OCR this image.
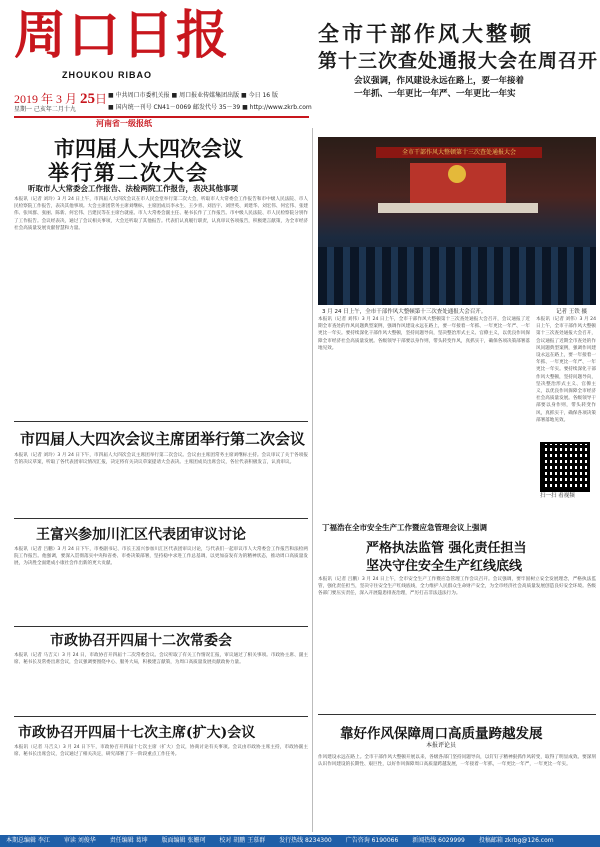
周口日报
ZHOUKOU RIBAO
2019 年 3 月 25日
星期一 己亥年二月十九
■ 中共周口市委机关报 ■ 周口报业传媒集团出版 ■ 今日 16 版
■ 国内统一刊号 CN41－0069 邮发代号 35－39 ■ http://www.zkrb.com
河南省一级报纸
全市干部作风大整顿
第十三次查处通报大会在周召开
会议强调，作风建设永远在路上，要一年接着
一年抓、一年更比一年严、一年更比一年实
全市干部作风大整顿第十三次查处通报大会
3 月 24 日上午，全市干部作风大整顿第十三次查处通报大会召开。	记者 王铁 摄
市四届人大四次会议
举行第二次大会
听取市人大常委会工作报告、法检两院工作报告，表决其他事项
本报讯（记者 刘玲）3 月 24 日上午，市四届人大四次会议在市人民会堂举行第二次大会，听取市人大常委会工作报告和市中级人民法院、市人民检察院工作报告，表决其他事项。大会主席团常务主席刘继标，主席团成员李永生、王少青、刘昌宇、刘世英、刘建华、刘宏伟、何宏伟、张建伟、张凤群、张丽、陈新、何宏伟、吕建民等在主席台就座。市人大常委会副主任、秘书长作了工作报告。市中级人民法院、市人民检察院分别作了工作报告。会议经表决，通过了会议相关事项，大会还听取了其他报告。代表们认真履行职责，认真审议各项报告，积极建言献策，为全市经济社会高质量发展贡献智慧和力量。
本报讯（记者 刘伟）3 月 24 日上午，全市干部作风大整顿第十三次查处通报大会召开，会议通报了近期全市查处的作风问题典型案例，强调作风建设永远在路上，要一年接着一年抓、一年更比一年严、一年更比一年实。要持续深化干部作风大整顿，坚持问题导向，坚决整治形式主义、官僚主义，以优良作风保障全市经济社会高质量发展。各级领导干部要以身作则，带头转变作风，真抓实干，确保各项决策部署落地见效。
本报讯（记者 刘伟）3 月 24 日上午，全市干部作风大整顿第十三次查处通报大会召开，会议通报了近期全市查处的作风问题典型案例，强调作风建设永远在路上，要一年接着一年抓、一年更比一年严、一年更比一年实。要持续深化干部作风大整顿，坚持问题导向，坚决整治形式主义、官僚主义，以优良作风保障全市经济社会高质量发展。各级领导干部要以身作则，带头转变作风，真抓实干，确保各项决策部署落地见效。
扫一扫 看视频
市四届人大四次会议主席团举行第二次会议
本报讯（记者 刘玲）3 月 24 日下午，市四届人大四次会议主席团举行第二次会议。会议由主席团常务主席刘继标主持。会议审议了关于各项报告的决议草案，听取了各代表团审议情况汇报，决定将有关决议草案提请大会表决。主席团成员出席会议，各位代表积极发言，认真审议。
丁福浩在全市安全生产工作暨应急管理会议上强调
严格执法监管 强化责任担当
坚决守住安全生产红线底线
本报讯（记者 吕鹏）3 月 24 日上午，全市安全生产工作暨应急管理工作会议召开。会议强调，要牢固树立安全发展理念，严格执法监管，强化责任担当，坚决守住安全生产红线底线，全力维护人民群众生命财产安全，为全市经济社会高质量发展创造良好安全环境。各级各部门要压实责任，深入开展隐患排查治理，严厉打击非法违法行为。
王富兴参加川汇区代表团审议讨论
本报讯（记者 吕鹏）3 月 24 日下午，市委副书记、市长王富兴参加川汇区代表团审议讨论，与代表们一起审议市人大常委会工作报告和法检两院工作报告。他强调，要深入贯彻落实中央和省委、市委决策部署，坚持稳中求进工作总基调，以更加奋发有为的精神状态，推动周口高质量发展，为决胜全面建成小康社会作出新的更大贡献。
市政协召开四届十二次常委会
本报讯（记者 马吉义）3 月 24 日，市政协召开四届十二次常委会议。会议听取了有关工作情况汇报，审议通过了相关事项。市政协主席、副主席、秘书长及常委出席会议，会议强调要围绕中心、服务大局，积极建言献策，为周口高质量发展贡献政协力量。
市政协召开四届十七次主席(扩大)会议
本报讯（记者 马吉义）3 月 24 日下午，市政协召开四届十七次主席（扩大）会议，协商讨论有关事项。会议由市政协主席主持，市政协副主席、秘书长出席会议，会议通过了相关决定，研究部署了下一阶段重点工作任务。
靠好作风保障周口高质量跨越发展
本报评论员
作风建设永远在路上。全市干部作风大整顿开展以来，各级各部门坚持问题导向，以钉钉子精神狠抓作风转变，取得了明显成效。要深刻认识作风建设的长期性、艰巨性，以好作风保障周口高质量跨越发展，一年接着一年抓，一年更比一年严，一年更比一年实。
本期总编辑 李江 审读 刘俊华 责任编辑 葛坤 版面编辑 张姗珂 校对 胡鹏 王慕群 发行热线 8234300 广告咨询 6190066 新闻热线 6029999 投稿邮箱 zkrbg@126.com
